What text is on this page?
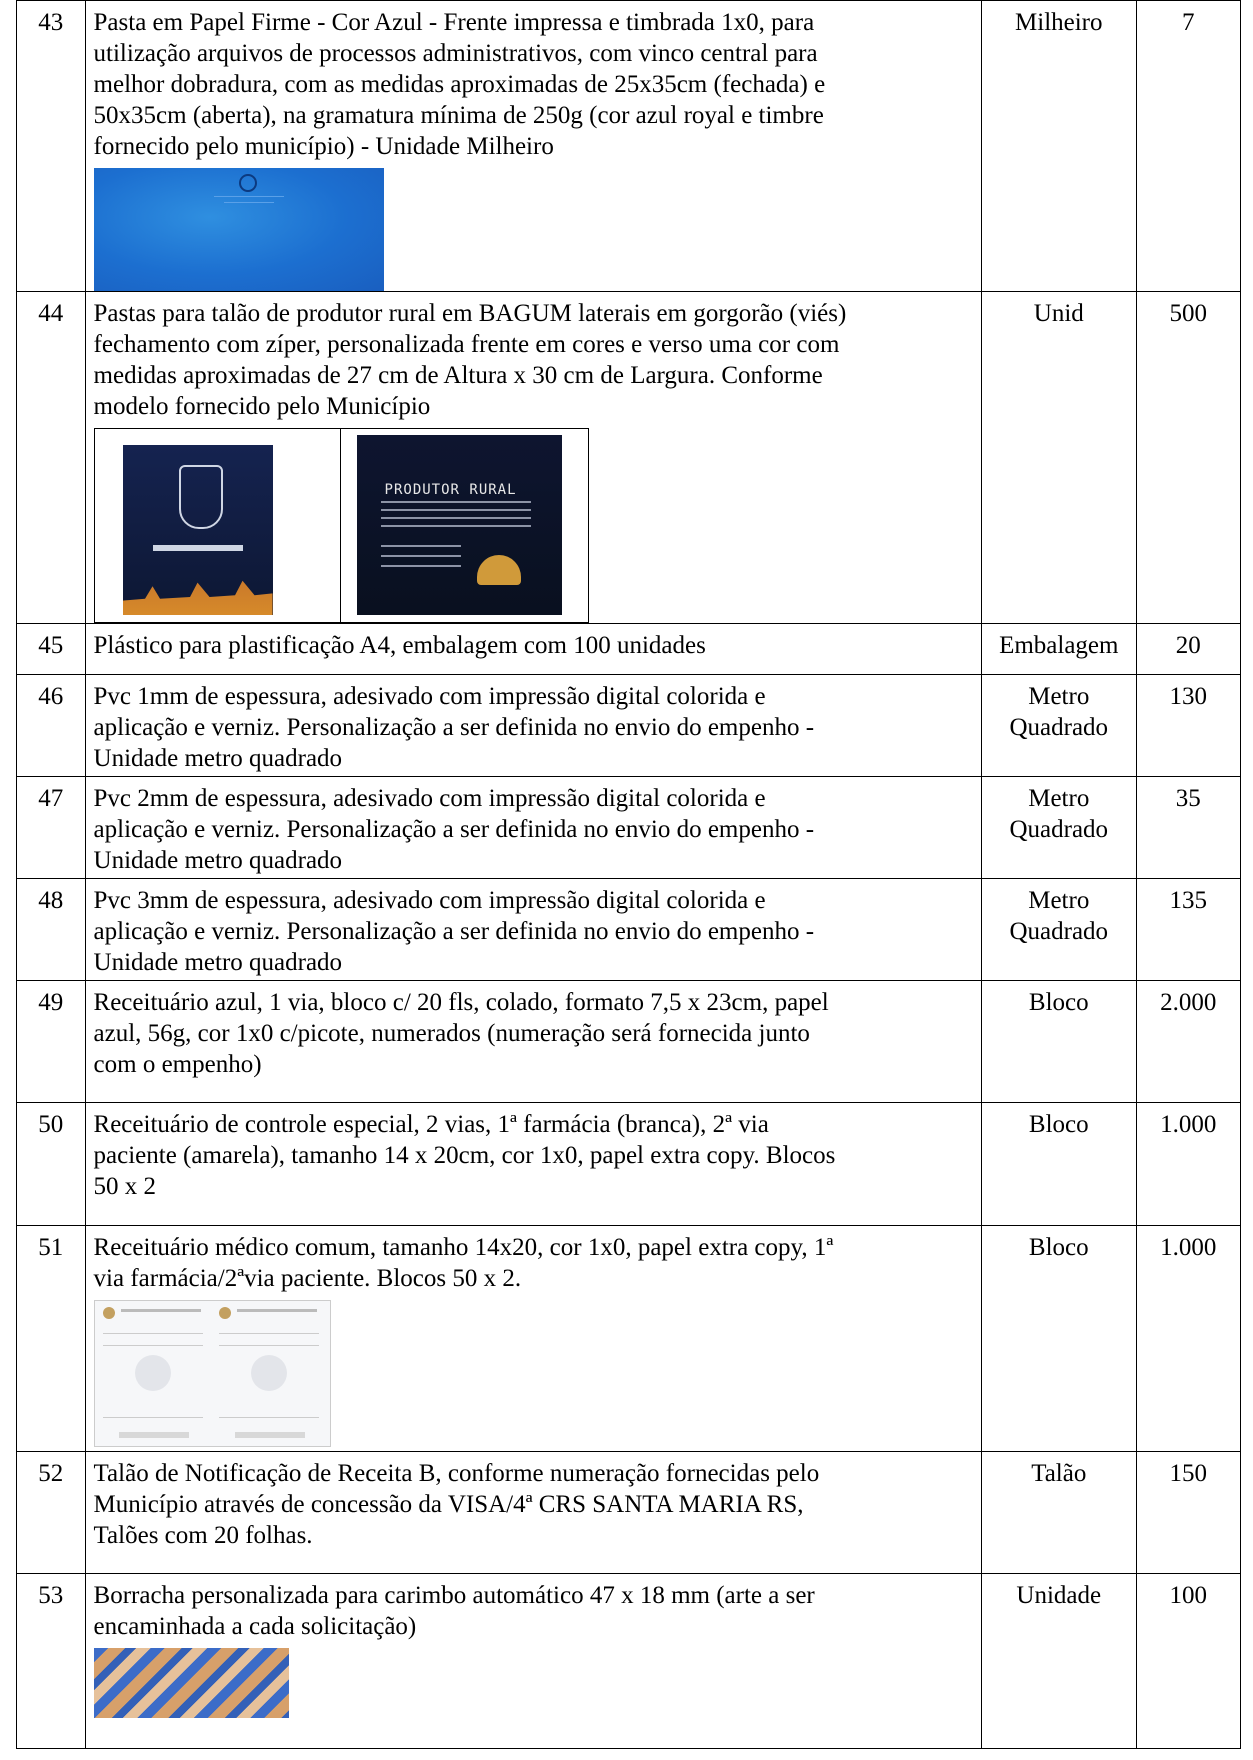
43	Pasta em Papel Firme - Cor Azul - Frente impressa e timbrada 1x0, para
utilização arquivos de processos administrativos, com vinco central para
melhor dobradura, com as medidas aproximadas de 25x35cm (fechada) e
50x35cm (aberta), na gramatura mínima de 250g (cor azul royal e timbre
fornecido pelo município) - Unidade Milheiro	Milheiro	7
44	Pastas para talão de produtor rural em BAGUM laterais em gorgorão (viés)
fechamento com zíper, personalizada frente em cores e verso uma cor com
medidas aproximadas de 27 cm de Altura x 30 cm de Largura. Conforme
modelo fornecido pelo Município
PRODUTOR RURAL	Unid	500
45	Plástico para plastificação A4, embalagem com 100 unidades	Embalagem	20
46	Pvc 1mm de espessura, adesivado com impressão digital colorida e
aplicação e verniz. Personalização a ser definida no envio do empenho -
Unidade metro quadrado	Metro
Quadrado	130
47	Pvc 2mm de espessura, adesivado com impressão digital colorida e
aplicação e verniz. Personalização a ser definida no envio do empenho -
Unidade metro quadrado	Metro
Quadrado	35
48	Pvc 3mm de espessura, adesivado com impressão digital colorida e
aplicação e verniz. Personalização a ser definida no envio do empenho -
Unidade metro quadrado	Metro
Quadrado	135
49	Receituário azul, 1 via, bloco c/ 20 fls, colado, formato 7,5 x 23cm, papel
azul, 56g, cor 1x0 c/picote, numerados (numeração será fornecida junto
com o empenho)	Bloco	2.000
50	Receituário de controle especial, 2 vias, 1ª farmácia (branca), 2ª via
paciente (amarela), tamanho 14 x 20cm, cor 1x0, papel extra copy. Blocos
50 x 2	Bloco	1.000
51	Receituário médico comum, tamanho 14x20, cor 1x0, papel extra copy, 1ª
via farmácia/2ªvia paciente. Blocos 50 x 2.	Bloco	1.000
52	Talão de Notificação de Receita B, conforme numeração fornecidas pelo
Município através de concessão da VISA/4ª CRS SANTA MARIA RS,
Talões com 20 folhas.	Talão	150
53	Borracha personalizada para carimbo automático 47 x 18 mm (arte a ser
encaminhada a cada solicitação)	Unidade	100
